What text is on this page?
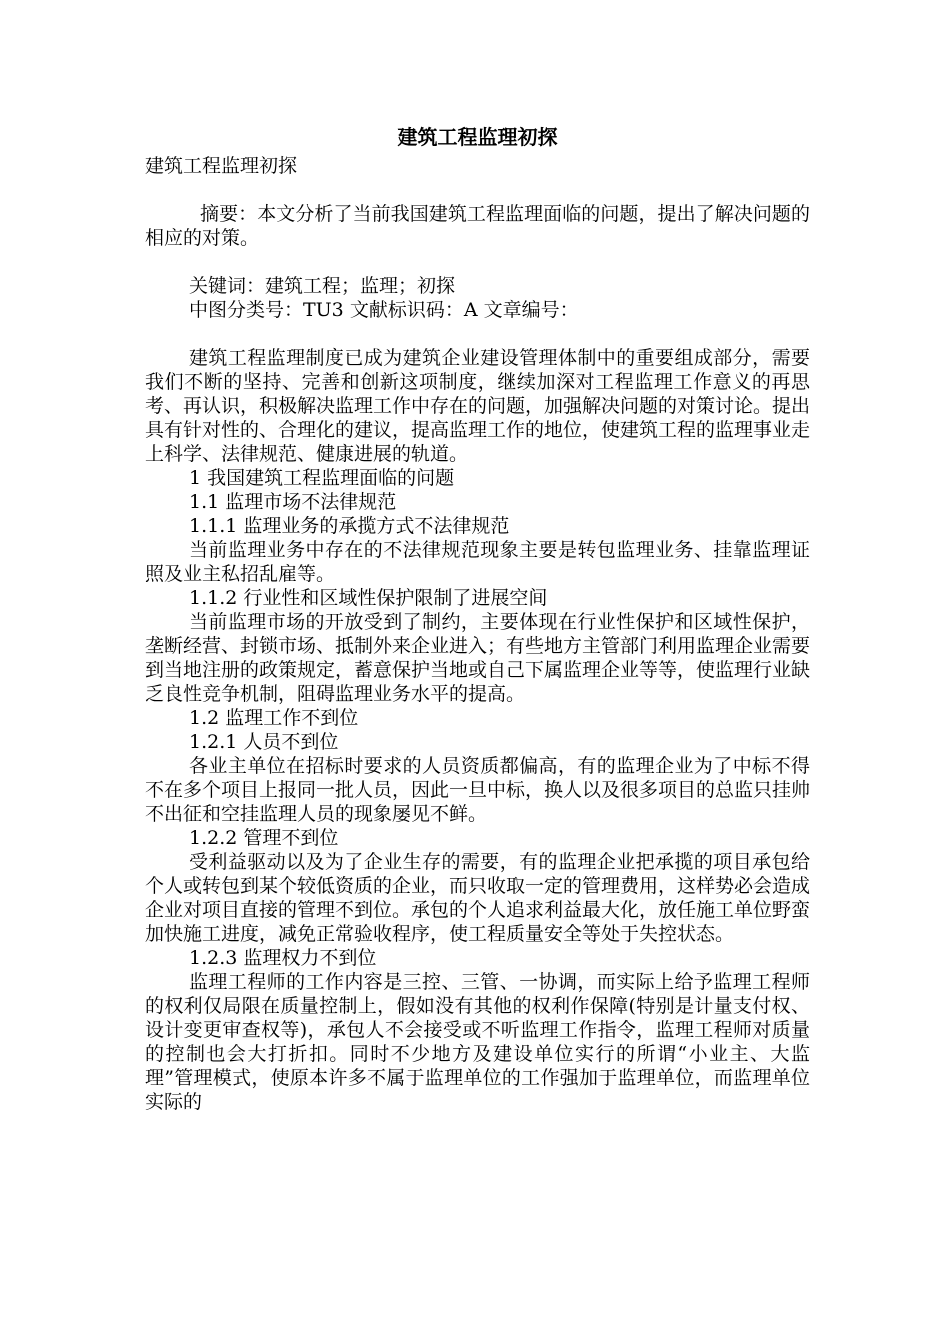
建筑工程监理初探

建筑工程监理初探

摘要：本文分析了当前我国建筑工程监理面临的问题，提出了解决问题的相应的对策。

关键词：建筑工程；监理；初探

中图分类号：TU3 文献标识码：A 文章编号：

建筑工程监理制度已成为建筑企业建设管理体制中的重要组成部分，需要我们不断的坚持、完善和创新这项制度，继续加深对工程监理工作意义的再思考、再认识，积极解决监理工作中存在的问题，加强解决问题的对策讨论。提出具有针对性的、合理化的建议，提高监理工作的地位，使建筑工程的监理事业走上科学、法律规范、健康进展的轨道。

1 我国建筑工程监理面临的问题

1.1 监理市场不法律规范

1.1.1 监理业务的承揽方式不法律规范

当前监理业务中存在的不法律规范现象主要是转包监理业务、挂靠监理证照及业主私招乱雇等。

1.1.2 行业性和区域性保护限制了进展空间

当前监理市场的开放受到了制约，主要体现在行业性保护和区域性保护，垄断经营、封锁市场、抵制外来企业进入；有些地方主管部门利用监理企业需要到当地注册的政策规定，蓄意保护当地或自己下属监理企业等等，使监理行业缺乏良性竞争机制，阻碍监理业务水平的提高。

1.2 监理工作不到位

1.2.1 人员不到位

各业主单位在招标时要求的人员资质都偏高，有的监理企业为了中标不得不在多个项目上报同一批人员，因此一旦中标，换人以及很多项目的总监只挂帅不出征和空挂监理人员的现象屡见不鲜。

1.2.2 管理不到位

受利益驱动以及为了企业生存的需要，有的监理企业把承揽的项目承包给个人或转包到某个较低资质的企业，而只收取一定的管理费用，这样势必会造成企业对项目直接的管理不到位。承包的个人追求利益最大化，放任施工单位野蛮加快施工进度，减免正常验收程序，使工程质量安全等处于失控状态。

1.2.3 监理权力不到位

监理工程师的工作内容是三控、三管、一协调，而实际上给予监理工程师的权利仅局限在质量控制上，假如没有其他的权利作保障(特别是计量支付权、设计变更审查权等)，承包人不会接受或不听监理工作指令，监理工程师对质量的控制也会大打折扣。同时不少地方及建设单位实行的所谓“小业主、大监理”管理模式，使原本许多不属于监理单位的工作强加于监理单位，而监理单位实际的
